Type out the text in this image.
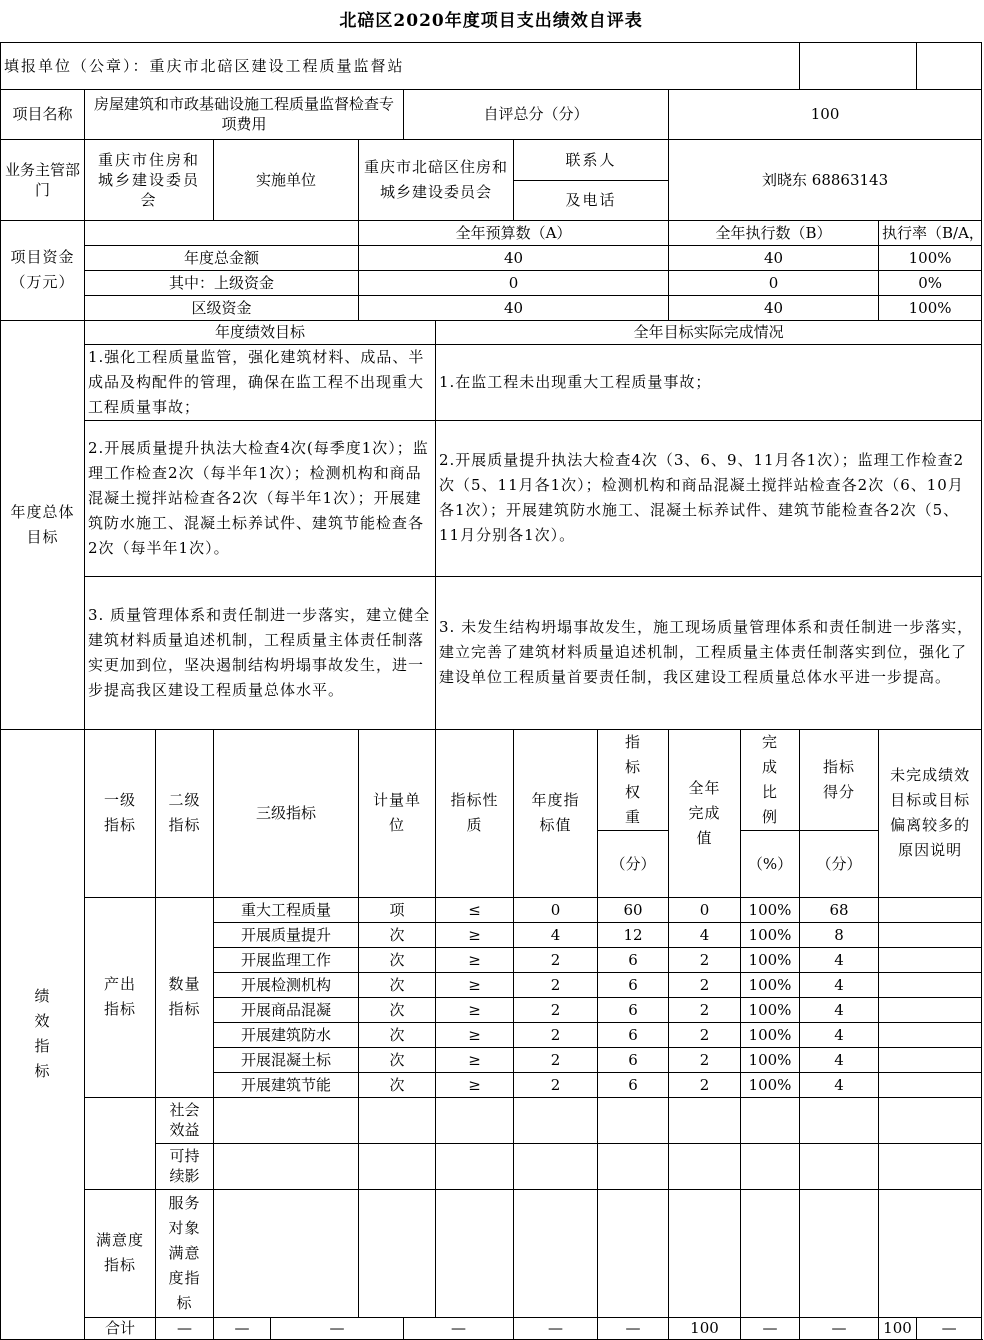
北碚区2020年度项目支出绩效自评表														
填报单位（公章）：重庆市北碚区建设工程质量监督站														
项目名称	房屋建筑和市政基础设施工程质量监督检查专项费用					自评总分（分）				100				
业务主管部门	重庆市住房和城乡建设委员会		实施单位		重庆市北碚区住房和城乡建设委员会			联系人		刘晓东 68863143				
								及电话						
项目资金（万元）					全年预算数（A）					全年执行数（B）			执行率（B/A，	
	年度总金额				40					40			100%	
	其中：上级资金				0					0			0%	
	区级资金				40					40			100%	
年度总体目标	年度绩效目标						全年目标实际完成情况							
	1.强化工程质量监管，强化建筑材料、成品、半成品及构配件的管理，确保在监工程不出现重大工程质量事故；						1.在监工程未出现重大工程质量事故；							
	2.开展质量提升执法大检查4次(每季度1次）；监理工作检查2次（每半年1次）；检测机构和商品混凝土搅拌站检查各2次（每半年1次）；开展建筑防水施工、混凝土标养试件、建筑节能检查各2次（每半年1次）。						2.开展质量提升执法大检查4次（3、6、9、11月各1次）；监理工作检查2次（5、11月各1次）；检测机构和商品混凝土搅拌站检查各2次（6、10月各1次）；开展建筑防水施工、混凝土标养试件、建筑节能检查各2次（5、11月分别各1次）。							
	3. 质量管理体系和责任制进一步落实，建立健全建筑材料质量追述机制，工程质量主体责任制落实更加到位，坚决遏制结构坍塌事故发生，进一步提高我区建设工程质量总体水平。						3. 未发生结构坍塌事故发生，施工现场质量管理体系和责任制进一步落实，建立完善了建筑材料质量追述机制，工程质量主体责任制落实到位，强化了建设单位工程质量首要责任制，我区建设工程质量总体水平进一步提高。							
绩效指标	一级指标	二级指标	三级指标		计量单位		指标性质	年度指标值	指标权重	全年完成值	完成比例	指标得分	未完成绩效目标或目标偏离较多的原因说明	
									（分）		（%）	（分）		
	产出指标	数量指标	重大工程质量		项		≤	0	60	0	100%	68		
			开展质量提升		次		≥	4	12	4	100%	8		
			开展监理工作		次		≥	2	6	2	100%	4		
			开展检测机构		次		≥	2	6	2	100%	4		
			开展商品混凝		次		≥	2	6	2	100%	4		
			开展建筑防水		次		≥	2	6	2	100%	4		
			开展混凝土标		次		≥	2	6	2	100%	4		
			开展建筑节能		次		≥	2	6	2	100%	4		
		社会效益												

		可持续影												
	满意度指标	服务对象满意度指标												
	合计	—	—	—		—		—	—	100	—	—	100	—
